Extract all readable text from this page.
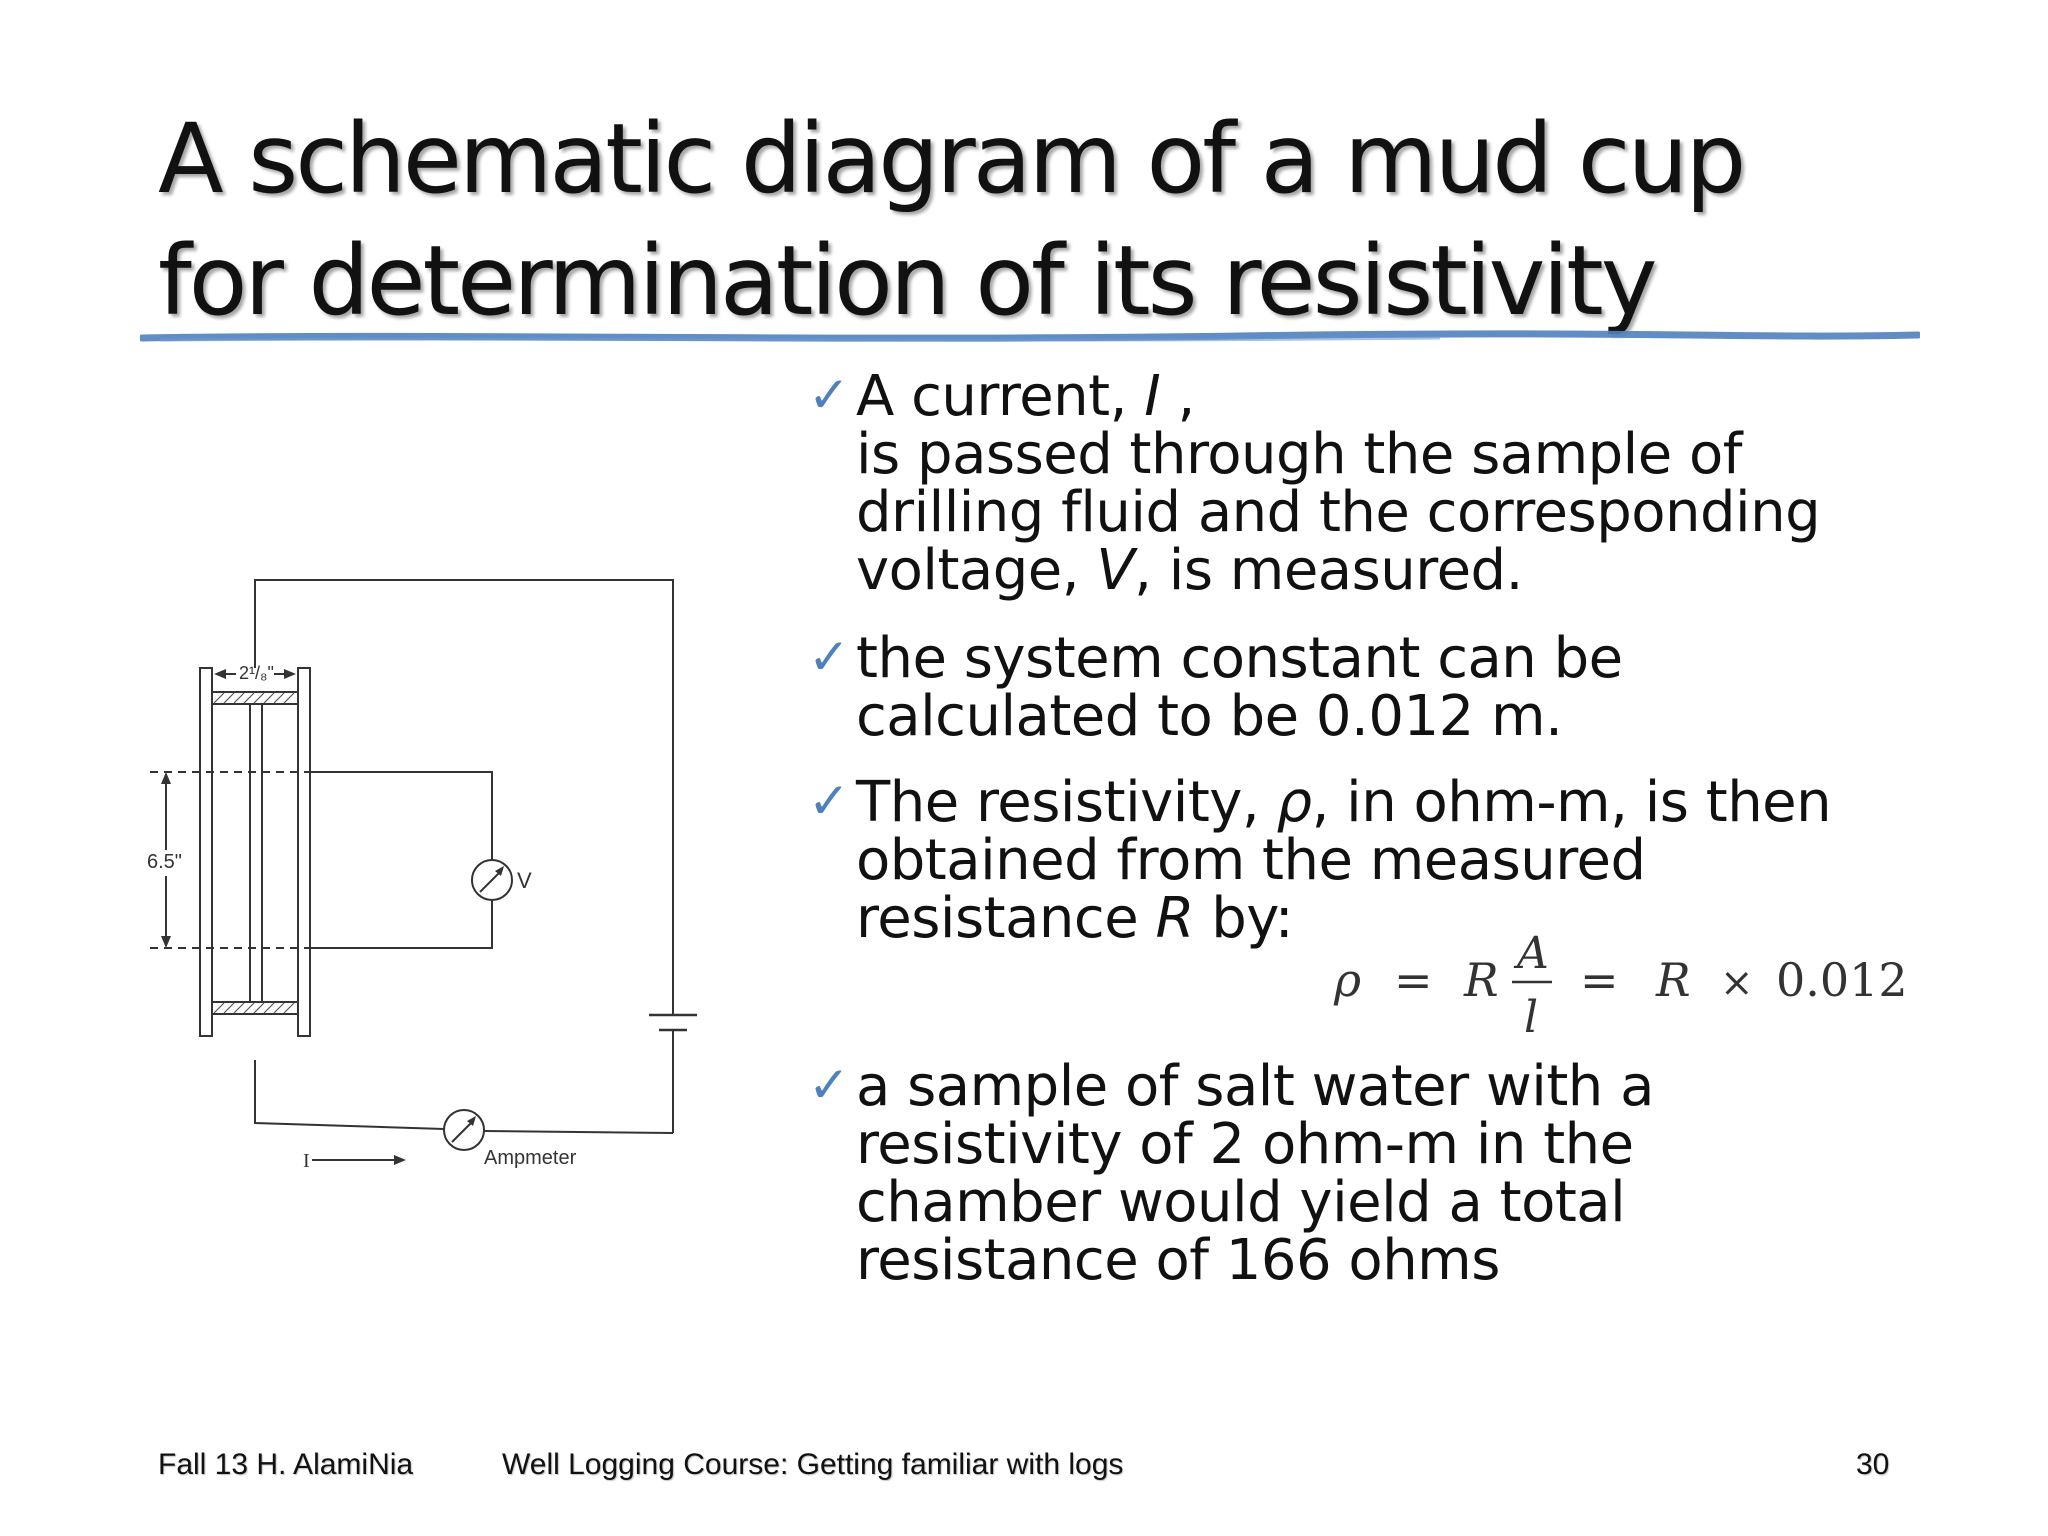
A schematic diagram of a mud cup
for determination of its resistivity
2¹/₈"
6.5"
V
Ampmeter
I
✓ A current, I ,
is passed through the sample of
drilling fluid and the corresponding
voltage, V, is measured.
✓ the system constant can be
calculated to be 0.012 m.
✓ The resistivity, ρ, in ohm-m, is then
obtained from the measured
resistance R by:
✓ a sample of salt water with a
resistivity of 2 ohm-m in the
chamber would yield a total
resistance of 166 ohms
ρ = R A
l
= R × 0.012
Fall 13 H. AlamiNia	Well Logging Course: Getting familiar with logs	30
